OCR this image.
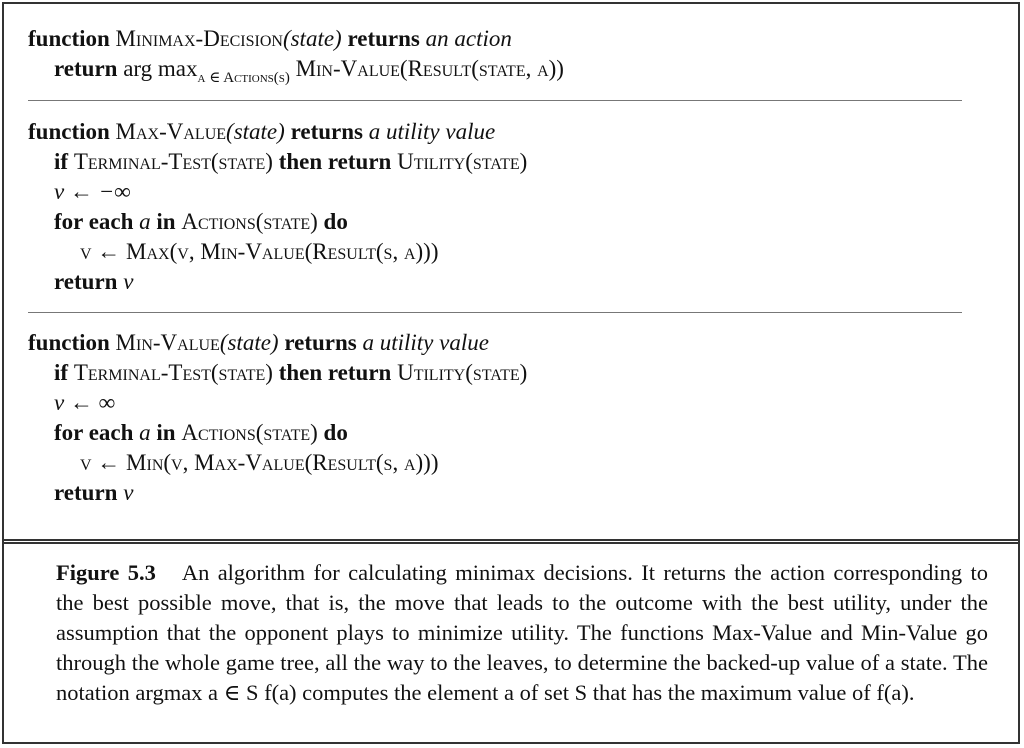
function Minimax-Decision(state) returns an action
return arg $\max_{a \in Actions(s)}$ Min-Value(Result(state, a))
function Max-Value(state) returns a utility value
if Terminal-Test(state) then return Utility(state)
v ← −∞
for each a in Actions(state) do
v ← Max(v, Min-Value(Result(s, a)))
return v
function Min-Value(state) returns a utility value
if Terminal-Test(state) then return Utility(state)
v ← ∞
for each a in Actions(state) do
v ← Min(v, Max-Value(Result(s, a)))
return v
Figure 5.3 An algorithm for calculating minimax decisions. It returns the action corresponding to the best possible move, that is, the move that leads to the outcome with the best utility, under the assumption that the opponent plays to minimize utility. The functions Max-Value and Min-Value go through the whole game tree, all the way to the leaves, to determine the backed-up value of a state. The notation argmax a ∈ S f(a) computes the element a of set S that has the maximum value of f(a).
